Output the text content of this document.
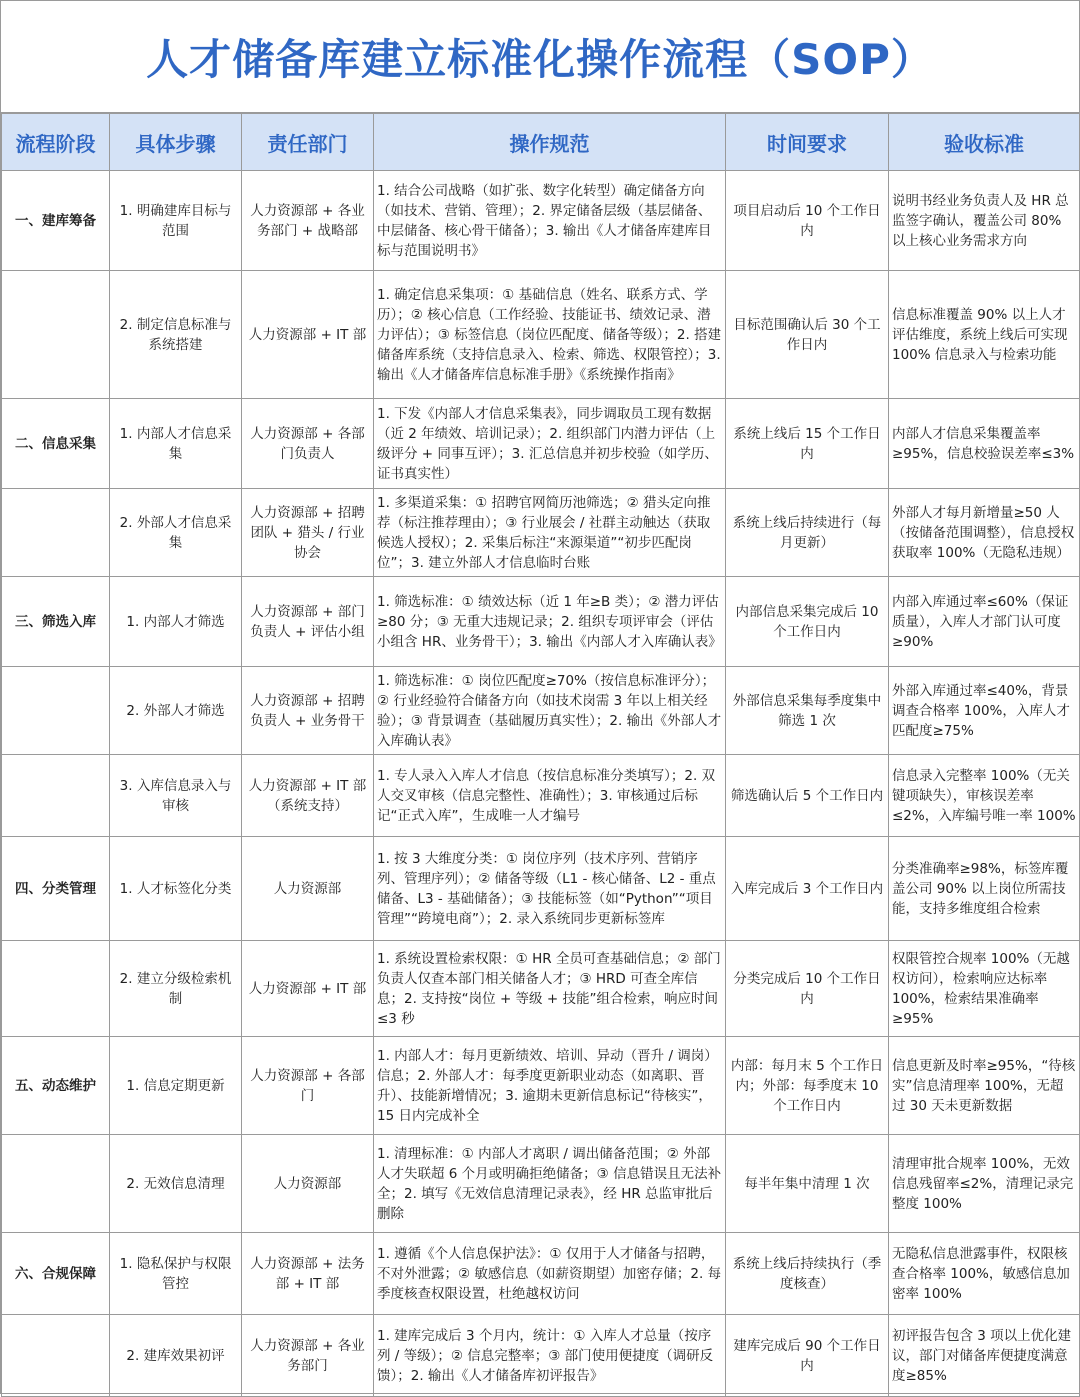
人才储备库建立标准化操作流程（SOP）
流程阶段	具体步骤	责任部门	操作规范	时间要求	验收标准
一、建库筹备	1. 明确建库目标与范围	人力资源部 + 各业务部门 + 战略部	1. 结合公司战略（如扩张、数字化转型）确定储备方向（如技术、营销、管理）；2. 界定储备层级（基层储备、中层储备、核心骨干储备）；3. 输出《人才储备库建库目标与范围说明书》	项目启动后 10 个工作日内	说明书经业务负责人及 HR 总监签字确认，覆盖公司 80% 以上核心业务需求方向
	2. 制定信息标准与系统搭建	人力资源部 + IT 部	1. 确定信息采集项：① 基础信息（姓名、联系方式、学历）；② 核心信息（工作经验、技能证书、绩效记录、潜力评估）；③ 标签信息（岗位匹配度、储备等级）；2. 搭建储备库系统（支持信息录入、检索、筛选、权限管控）；3. 输出《人才储备库信息标准手册》《系统操作指南》	目标范围确认后 30 个工作日内	信息标准覆盖 90% 以上人才评估维度，系统上线后可实现 100% 信息录入与检索功能
二、信息采集	1. 内部人才信息采集	人力资源部 + 各部门负责人	1. 下发《内部人才信息采集表》，同步调取员工现有数据（近 2 年绩效、培训记录）；2. 组织部门内潜力评估（上级评分 + 同事互评）；3. 汇总信息并初步校验（如学历、证书真实性）	系统上线后 15 个工作日内	内部人才信息采集覆盖率≥95%，信息校验误差率≤3%
	2. 外部人才信息采集	人力资源部 + 招聘团队 + 猎头 / 行业协会	1. 多渠道采集：① 招聘官网简历池筛选；② 猎头定向推荐（标注推荐理由）；③ 行业展会 / 社群主动触达（获取候选人授权）；2. 采集后标注“来源渠道”“初步匹配岗位”；3. 建立外部人才信息临时台账	系统上线后持续进行（每月更新）	外部人才每月新增量≥50 人（按储备范围调整），信息授权获取率 100%（无隐私违规）
三、筛选入库	1. 内部人才筛选	人力资源部 + 部门负责人 + 评估小组	1. 筛选标准：① 绩效达标（近 1 年≥B 类）；② 潜力评估≥80 分；③ 无重大违规记录；2. 组织专项评审会（评估小组含 HR、业务骨干）；3. 输出《内部人才入库确认表》	内部信息采集完成后 10 个工作日内	内部入库通过率≤60%（保证质量），入库人才部门认可度≥90%
	2. 外部人才筛选	人力资源部 + 招聘负责人 + 业务骨干	1. 筛选标准：① 岗位匹配度≥70%（按信息标准评分）；② 行业经验符合储备方向（如技术岗需 3 年以上相关经验）；③ 背景调查（基础履历真实性）；2. 输出《外部人才入库确认表》	外部信息采集每季度集中筛选 1 次	外部入库通过率≤40%，背景调查合格率 100%，入库人才匹配度≥75%
	3. 入库信息录入与审核	人力资源部 + IT 部（系统支持）	1. 专人录入入库人才信息（按信息标准分类填写）；2. 双人交叉审核（信息完整性、准确性）；3. 审核通过后标记“正式入库”，生成唯一人才编号	筛选确认后 5 个工作日内	信息录入完整率 100%（无关键项缺失），审核误差率≤2%，入库编号唯一率 100%
四、分类管理	1. 人才标签化分类	人力资源部	1. 按 3 大维度分类：① 岗位序列（技术序列、营销序列、管理序列）；② 储备等级（L1 - 核心储备、L2 - 重点储备、L3 - 基础储备）；③ 技能标签（如“Python”“项目管理”“跨境电商”）；2. 录入系统同步更新标签库	入库完成后 3 个工作日内	分类准确率≥98%，标签库覆盖公司 90% 以上岗位所需技能，支持多维度组合检索
	2. 建立分级检索机制	人力资源部 + IT 部	1. 系统设置检索权限：① HR 全员可查基础信息；② 部门负责人仅查本部门相关储备人才；③ HRD 可查全库信息；2. 支持按“岗位 + 等级 + 技能”组合检索，响应时间≤3 秒	分类完成后 10 个工作日内	权限管控合规率 100%（无越权访问），检索响应达标率 100%，检索结果准确率≥95%
五、动态维护	1. 信息定期更新	人力资源部 + 各部门	1. 内部人才：每月更新绩效、培训、异动（晋升 / 调岗）信息；2. 外部人才：每季度更新职业动态（如离职、晋升）、技能新增情况；3. 逾期未更新信息标记“待核实”，15 日内完成补全	内部：每月末 5 个工作日内；外部：每季度末 10 个工作日内	信息更新及时率≥95%，“待核实”信息清理率 100%，无超过 30 天未更新数据
	2. 无效信息清理	人力资源部	1. 清理标准：① 内部人才离职 / 调出储备范围；② 外部人才失联超 6 个月或明确拒绝储备；③ 信息错误且无法补全；2. 填写《无效信息清理记录表》，经 HR 总监审批后删除	每半年集中清理 1 次	清理审批合规率 100%，无效信息残留率≤2%，清理记录完整度 100%
六、合规保障	1. 隐私保护与权限管控	人力资源部 + 法务部 + IT 部	1. 遵循《个人信息保护法》：① 仅用于人才储备与招聘，不对外泄露；② 敏感信息（如薪资期望）加密存储；2. 每季度核查权限设置，杜绝越权访问	系统上线后持续执行（季度核查）	无隐私信息泄露事件，权限核查合格率 100%，敏感信息加密率 100%
	2. 建库效果初评	人力资源部 + 各业务部门	1. 建库完成后 3 个月内，统计：① 入库人才总量（按序列 / 等级）；② 信息完整率；③ 部门使用便捷度（调研反馈）；2. 输出《人才储备库初评报告》	建库完成后 90 个工作日内	初评报告包含 3 项以上优化建议，部门对储备库便捷度满意度≥85%
